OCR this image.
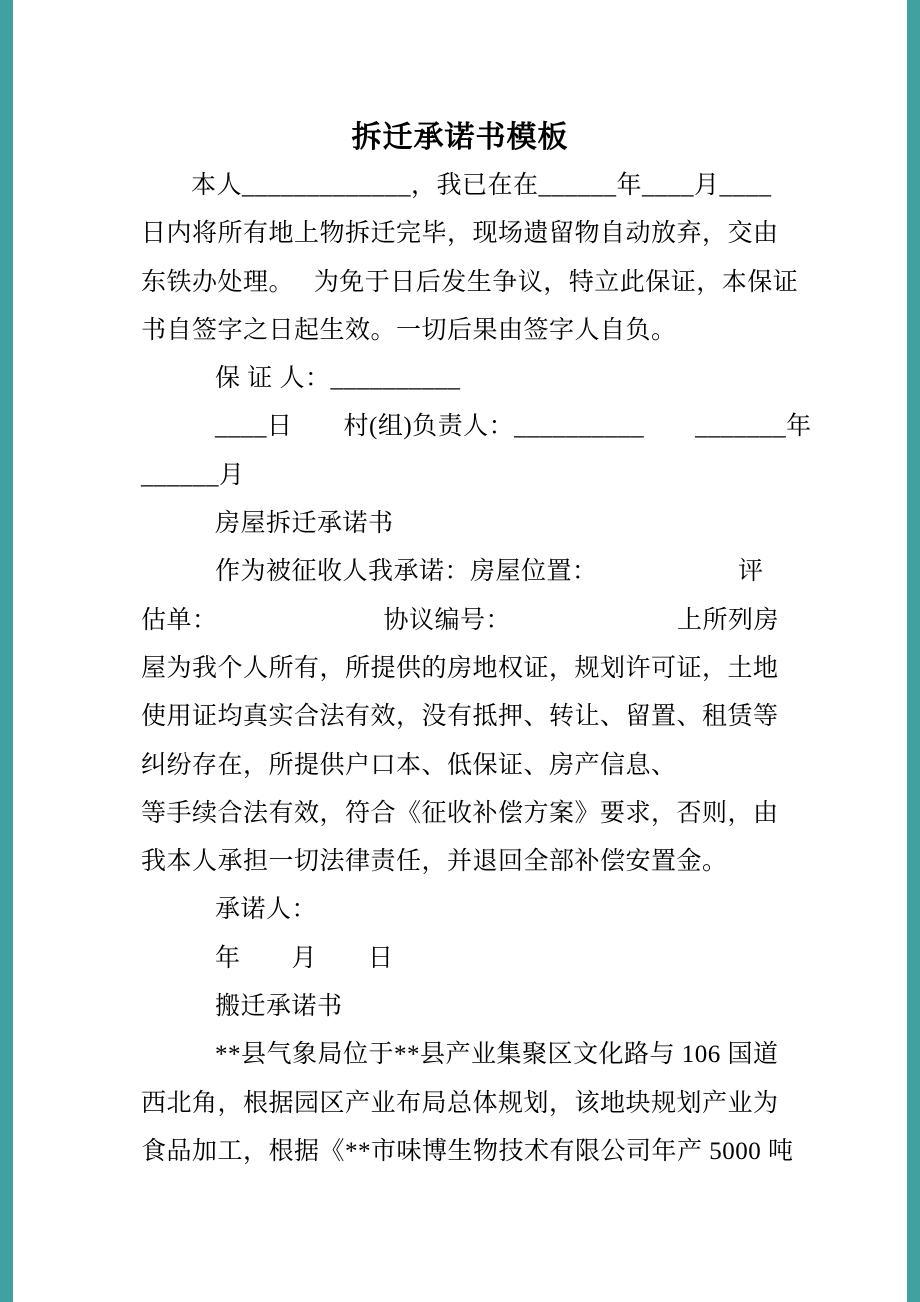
拆迁承诺书模板
本人_____________，我已在在______年____月____
日内将所有地上物拆迁完毕，现场遗留物自动放弃，交由
东铁办处理。　 为免于日后发生争议，特立此保证，本保证
书自签字之日起生效。一切后果由签字人自负。
保 证 人：__________
____日　　村(组)负责人：__________　　_______年
______月
房屋拆迁承诺书
作为被征收人我承诺：房屋位置：　　　　　　评
估单：　　　　　　　协议编号：　　　　　　　上所列房
屋为我个人所有，所提供的房地权证，规划许可证，土地
使用证均真实合法有效，没有抵押、转让、留置、租赁等
纠纷存在，所提供户口本、低保证、房产信息、
等手续合法有效，符合《征收补偿方案》要求，否则，由
我本人承担一切法律责任，并退回全部补偿安置金。
承诺人：
年　　月　　日
搬迁承诺书
**县气象局位于**县产业集聚区文化路与 106 国道
西北角，根据园区产业布局总体规划，该地块规划产业为
食品加工，根据《**市味博生物技术有限公司年产 5000 吨
